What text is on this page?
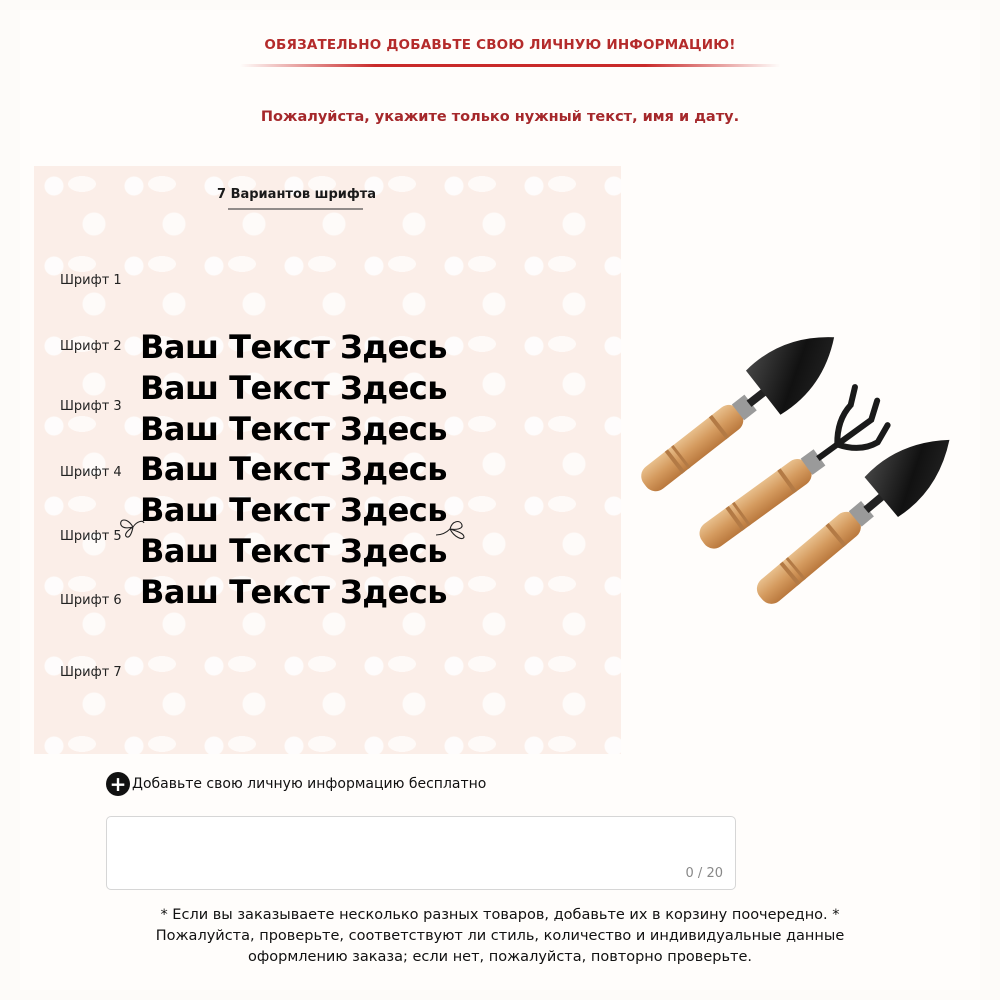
ОБЯЗАТЕЛЬНО ДОБАВЬТЕ СВОЮ ЛИЧНУЮ ИНФОРМАЦИЮ!
Пожалуйста, укажите только нужный текст, имя и дату.
7 Вариантов шрифта
Шрифт 1
Шрифт 2
Шрифт 3
Шрифт 4
Шрифт 5
Шрифт 6
Шрифт 7
Ваш Текст Здесь
Ваш Текст Здесь
Ваш Текст Здесь
Ваш Текст Здесь
Ваш Текст Здесь
Ваш Текст Здесь
Ваш Текст Здесь
+ Добавьте свою личную информацию бесплатно
0 / 20
* Если вы заказываете несколько разных товаров, добавьте их в корзину поочередно. *
Пожалуйста, проверьте, соответствуют ли стиль, количество и индивидуальные данные
оформлению заказа; если нет, пожалуйста, повторно проверьте.
